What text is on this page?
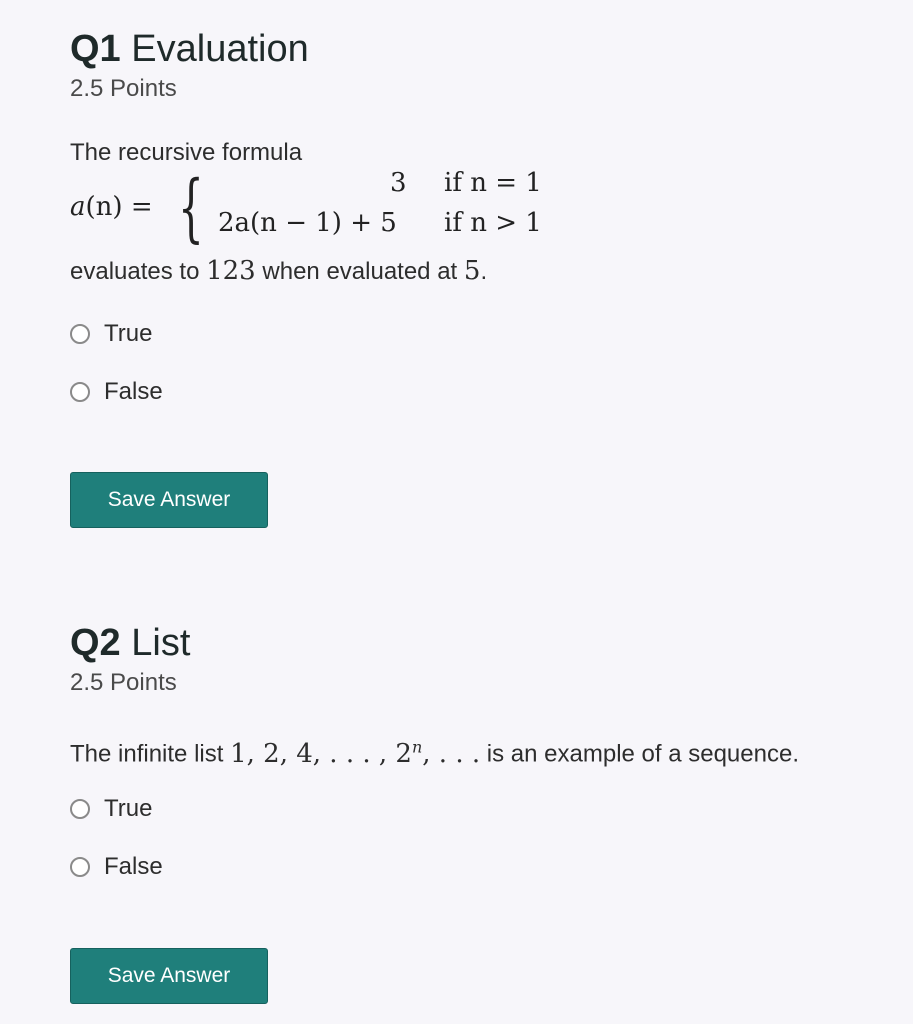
Q1 Evaluation
2.5 Points
The recursive formula
a(n) = {	3 if n = 1
2a(n − 1) + 5 if n > 1
evaluates to 123 when evaluated at 5.
True
False
Save Answer
Q2 List
2.5 Points
The infinite list 1, 2, 4, . . . , 2$^n$, . . . is an example of a sequence.
True
False
Save Answer
